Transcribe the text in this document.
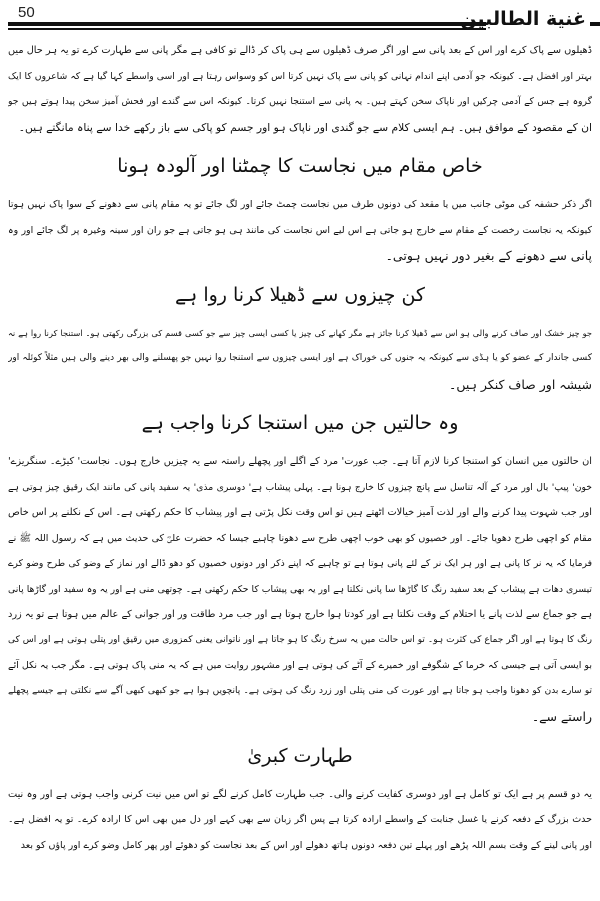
50	غنية الطالبين
ڈھیلوں سے پاک کرے اور اس کے بعد پانی سے اور اگر صرف ڈھیلوں سے ہی پاک کر ڈالے تو کافی ہے مگر پانی سے طہارت کرے تو یہ ہر حال میں
بہتر اور افضل ہے۔ کیونکہ جو آدمی اپنے اندام نہانی کو پانی سے پاک نہیں کرتا اس کو وسواس رہتا ہے اور اسی واسطے کہا گیا ہے کہ شاعروں کا ایک
گروہ ہے جس کے آدمی چرکیں اور ناپاک سخن کہتے ہیں۔ یہ پانی سے استنجا نہیں کرتا۔ کیونکہ اس سے گندے اور فحش آمیز سخن پیدا ہوتے ہیں جو
ان کے مقصود کے موافق ہیں۔ ہم ایسی کلام سے جو گندی اور ناپاک ہو اور جسم کو پاکی سے باز رکھے خدا سے پناہ مانگتے ہیں۔
خاص مقام میں نجاست کا چمٹنا اور آلودہ ہونا
اگر ذکر حشفہ کی موٹی جانب میں یا مقعد کی دونوں طرف میں نجاست چمٹ جائے اور لگ جائے تو یہ مقام پانی سے دھونے کے سوا پاک نہیں ہوتا
کیونکہ یہ نجاست رخصت کے مقام سے خارج ہو جاتی ہے اس لیے اس نجاست کی مانند ہی ہو جاتی ہے جو ران اور سینہ وغیرہ پر لگ جائے اور وہ
پانی سے دھونے کے بغیر دور نہیں ہوتی۔
کن چیزوں سے ڈھیلا کرنا روا ہے
جو چیز خشک اور صاف کرنے والی ہو اس سے ڈھیلا کرنا جائز ہے مگر کھانے کی چیز یا کسی ایسی چیز سے جو کسی قسم کی بزرگی رکھتی ہو۔ استنجا کرنا روا ہے نہ
کسی جاندار کے عضو کو یا ہڈی سے کیونکہ یہ جنوں کی خوراک ہے اور ایسی چیزوں سے استنجا روا نہیں جو پھسلنے والی بھر دینے والی ہیں مثلاً کوئلہ اور
شیشہ اور صاف کنکر ہیں۔
وہ حالتیں جن میں استنجا کرنا واجب ہے
ان حالتوں میں انسان کو استنجا کرنا لازم آتا ہے۔ جب عورت' مرد کے اگلے اور پچھلے راستہ سے یہ چیزیں خارج ہوں۔ نجاست' کیڑے۔ سنگریزے'
خون' پیپ' بال اور مرد کے آلہ تناسل سے پانچ چیزوں کا خارج ہونا ہے۔ پہلی پیشاب ہے' دوسری مذی' یہ سفید پانی کی مانند ایک رقیق چیز ہوتی ہے
اور جب شہوت پیدا کرنے والے اور لذت آمیز خیالات اٹھتے ہیں تو اس وقت نکل پڑتی ہے اور پیشاب کا حکم رکھتی ہے۔ اس کے نکلنے پر اس خاص
مقام کو اچھی طرح دھویا جائے۔ اور خصیوں کو بھی خوب اچھی طرح سے دھونا چاہیے جیسا کہ حضرت علیؓ کی حدیث میں ہے کہ رسول اللہ ﷺ نے
فرمایا کہ یہ نر کا پانی ہے اور ہر ایک نر کے لئے پانی ہوتا ہے تو چاہیے کہ اپنے ذکر اور دونوں خصیوں کو دھو ڈالے اور نماز کے وضو کی طرح وضو کرے
تیسری دھات ہے پیشاب کے بعد سفید رنگ کا گاڑھا سا پانی نکلتا ہے اور یہ بھی پیشاب کا حکم رکھتی ہے۔ چوتھی منی ہے اور یہ وہ سفید اور گاڑھا پانی
ہے جو جماع سے لذت پانے یا احتلام کے وقت نکلتا ہے اور کودتا ہوا خارج ہوتا ہے اور جب مرد طاقت ور اور جوانی کے عالم میں ہوتا ہے تو یہ زرد
رنگ کا ہوتا ہے اور اگر جماع کی کثرت ہو۔ تو اس حالت میں یہ سرخ رنگ کا ہو جاتا ہے اور ناتوانی یعنی کمزوری میں رقیق اور پتلی ہوتی ہے اور اس کی
بو ایسی آتی ہے جیسی کہ خرما کے شگوفے اور خمیرے کے آٹے کی ہوتی ہے اور مشہور روایت میں ہے کہ یہ منی پاک ہوتی ہے۔ مگر جب یہ نکل آئے
تو سارے بدن کو دھونا واجب ہو جاتا ہے اور عورت کی منی پتلی اور زرد رنگ کی ہوتی ہے۔ پانچویں ہوا ہے جو کبھی کبھی آگے سے نکلتی ہے جیسے پچھلے
راستے سے۔
طہارت کبریٰ
یہ دو قسم پر ہے ایک تو کامل ہے اور دوسری کفایت کرنے والی۔ جب طہارت کامل کرنے لگے تو اس میں نیت کرنی واجب ہوتی ہے اور وہ نیت
حدث بزرگ کے دفعہ کرنے یا غسل جنابت کے واسطے ارادہ کرتا ہے پس اگر زبان سے بھی کہے اور دل میں بھی اس کا ارادہ کرے۔ تو یہ افضل ہے۔
اور پانی لینے کے وقت بسم اللہ پڑھے اور پہلے تین دفعہ دونوں ہاتھ دھولے اور اس کے بعد نجاست کو دھوئے اور پھر کامل وضو کرے اور پاؤں کو بعد
